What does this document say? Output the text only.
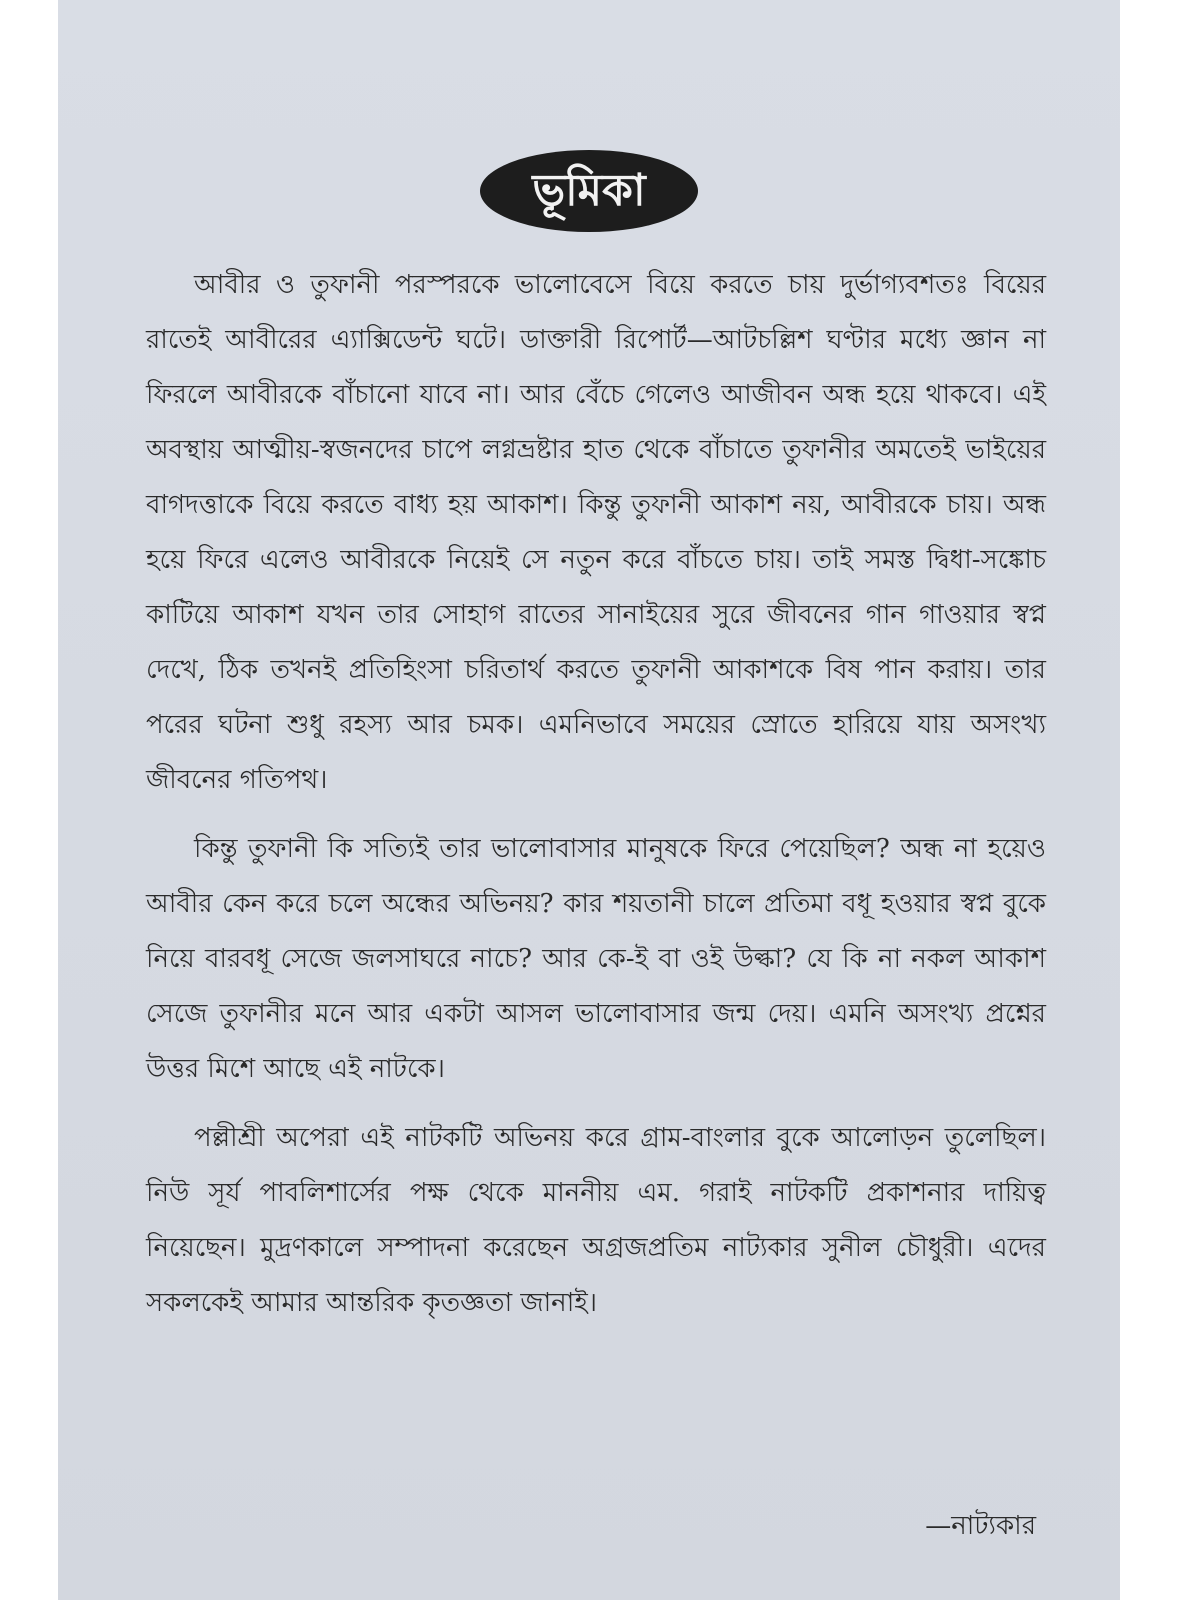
ভূমিকা

আবীর ও তুফানী পরস্পরকে ভালোবেসে বিয়ে করতে চায় দুর্ভাগ্যবশতঃ বিয়ের রাতেই আবীরের এ্যাক্সিডেন্ট ঘটে। ডাক্তারী রিপোর্ট—আটচল্লিশ ঘণ্টার মধ্যে জ্ঞান না ফিরলে আবীরকে বাঁচানো যাবে না। আর বেঁচে গেলেও আজীবন অন্ধ হয়ে থাকবে। এই অবস্থায় আত্মীয়-স্বজনদের চাপে লগ্নভ্রষ্টার হাত থেকে বাঁচাতে তুফানীর অমতেই ভাইয়ের বাগদত্তাকে বিয়ে করতে বাধ্য হয় আকাশ। কিন্তু তুফানী আকাশ নয়, আবীরকে চায়। অন্ধ হয়ে ফিরে এলেও আবীরকে নিয়েই সে নতুন করে বাঁচতে চায়। তাই সমস্ত দ্বিধা-সঙ্কোচ কাটিয়ে আকাশ যখন তার সোহাগ রাতের সানাইয়ের সুরে জীবনের গান গাওয়ার স্বপ্ন দেখে, ঠিক তখনই প্রতিহিংসা চরিতার্থ করতে তুফানী আকাশকে বিষ পান করায়। তার পরের ঘটনা শুধু রহস্য আর চমক। এমনিভাবে সময়ের স্রোতে হারিয়ে যায় অসংখ্য জীবনের গতিপথ।

কিন্তু তুফানী কি সত্যিই তার ভালোবাসার মানুষকে ফিরে পেয়েছিল? অন্ধ না হয়েও আবীর কেন করে চলে অন্ধের অভিনয়? কার শয়তানী চালে প্রতিমা বধূ হওয়ার স্বপ্ন বুকে নিয়ে বারবধূ সেজে জলসাঘরে নাচে? আর কে-ই বা ওই উল্কা? যে কি না নকল আকাশ সেজে তুফানীর মনে আর একটা আসল ভালোবাসার জন্ম দেয়। এমনি অসংখ্য প্রশ্নের উত্তর মিশে আছে এই নাটকে।

পল্লীশ্রী অপেরা এই নাটকটি অভিনয় করে গ্রাম-বাংলার বুকে আলোড়ন তুলেছিল। নিউ সূর্য পাবলিশার্সের পক্ষ থেকে মাননীয় এম. গরাই নাটকটি প্রকাশনার দায়িত্ব নিয়েছেন। মুদ্রণকালে সম্পাদনা করেছেন অগ্রজপ্রতিম নাট্যকার সুনীল চৌধুরী। এদের সকলকেই আমার আন্তরিক কৃতজ্ঞতা জানাই।

—নাট্যকার
